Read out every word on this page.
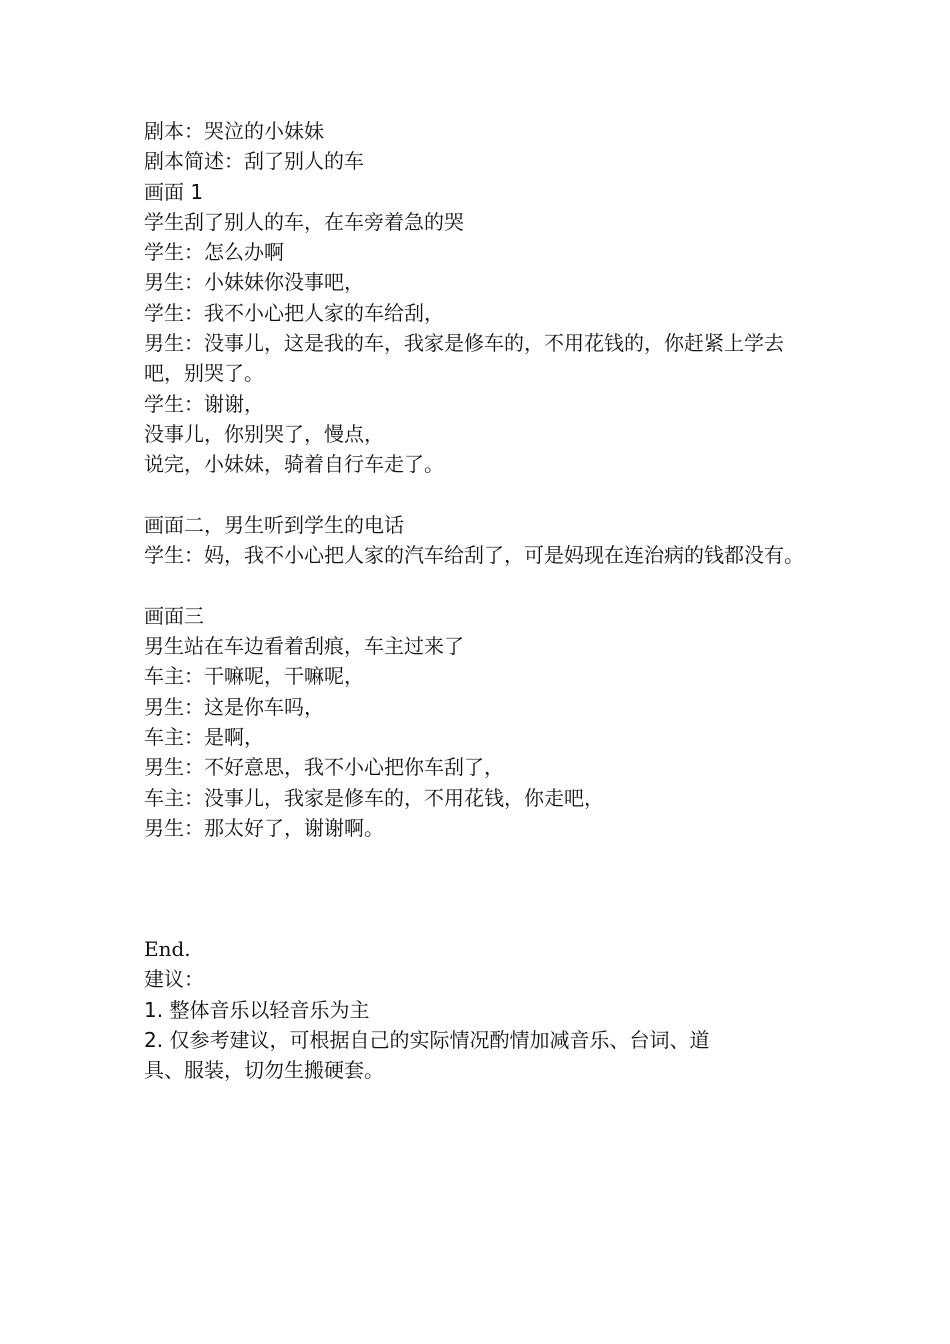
剧本：哭泣的小妹妹
剧本简述：刮了别人的车
画面 1
学生刮了别人的车，在车旁着急的哭
学生：怎么办啊
男生：小妹妹你没事吧，
学生：我不小心把人家的车给刮，
男生：没事儿，这是我的车，我家是修车的，不用花钱的，你赶紧上学去吧，别哭了。
学生：谢谢，
没事儿，你别哭了，慢点，
说完，小妹妹，骑着自行车走了。
画面二，男生听到学生的电话
学生：妈，我不小心把人家的汽车给刮了，可是妈现在连治病的钱都没有。
画面三
男生站在车边看着刮痕，车主过来了
车主：干嘛呢，干嘛呢，
男生：这是你车吗，
车主：是啊，
男生：不好意思，我不小心把你车刮了，
车主：没事儿，我家是修车的，不用花钱，你走吧，
男生：那太好了，谢谢啊。
End.
建议：
1. 整体音乐以轻音乐为主
2. 仅参考建议，可根据自己的实际情况酌情加减音乐、台词、道具、服装，切勿生搬硬套。
